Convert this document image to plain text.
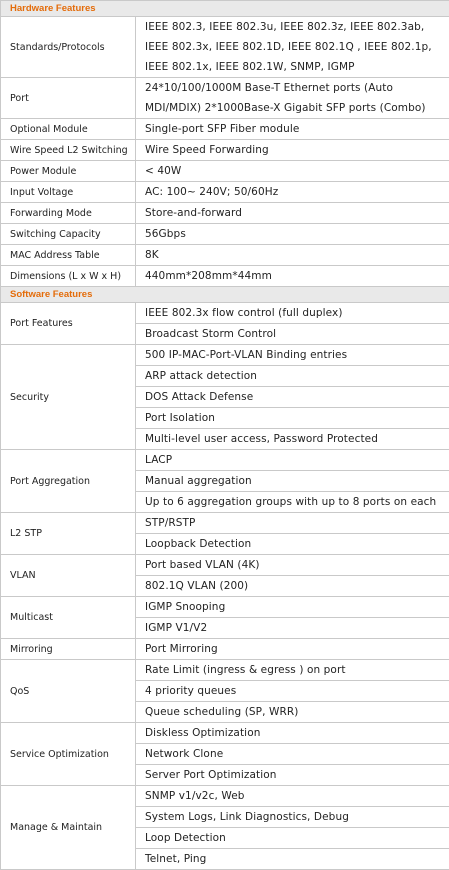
Hardware Features	
Standards/Protocols	IEEE 802.3, IEEE 802.3u, IEEE 802.3z, IEEE 802.3ab, IEEE 802.3x, IEEE 802.1D, IEEE 802.1Q , IEEE 802.1p, IEEE 802.1x, IEEE 802.1W, SNMP, IGMP
Port	24*10/100/1000M Base-T Ethernet ports (Auto MDI/MDIX) 2*1000Base-X Gigabit SFP ports (Combo)
Optional Module	Single-port SFP Fiber module
Wire Speed L2 Switching	Wire Speed Forwarding
Power Module	< 40W
Input Voltage	AC: 100~ 240V; 50/60Hz
Forwarding Mode	Store-and-forward
Switching Capacity	56Gbps
MAC Address Table	8K
Dimensions (L x W x H)	440mm*208mm*44mm
Software Features	
Port Features	IEEE 802.3x flow control (full duplex)
	Broadcast Storm Control
Security	500 IP-MAC-Port-VLAN Binding entries
	ARP attack detection
	DOS Attack Defense
	Port Isolation
	Multi-level user access, Password Protected
Port Aggregation	LACP
	Manual aggregation
	Up to 6 aggregation groups with up to 8 ports on each
L2 STP	STP/RSTP
	Loopback Detection
VLAN	Port based VLAN (4K)
	802.1Q VLAN (200)
Multicast	IGMP Snooping
	IGMP V1/V2
Mirroring	Port Mirroring
QoS	Rate Limit (ingress & egress ) on port
	4 priority queues
	Queue scheduling (SP, WRR)
Service Optimization	Diskless Optimization
	Network Clone
	Server Port Optimization
Manage & Maintain	SNMP v1/v2c, Web
	System Logs, Link Diagnostics, Debug
	Loop Detection
	Telnet, Ping
